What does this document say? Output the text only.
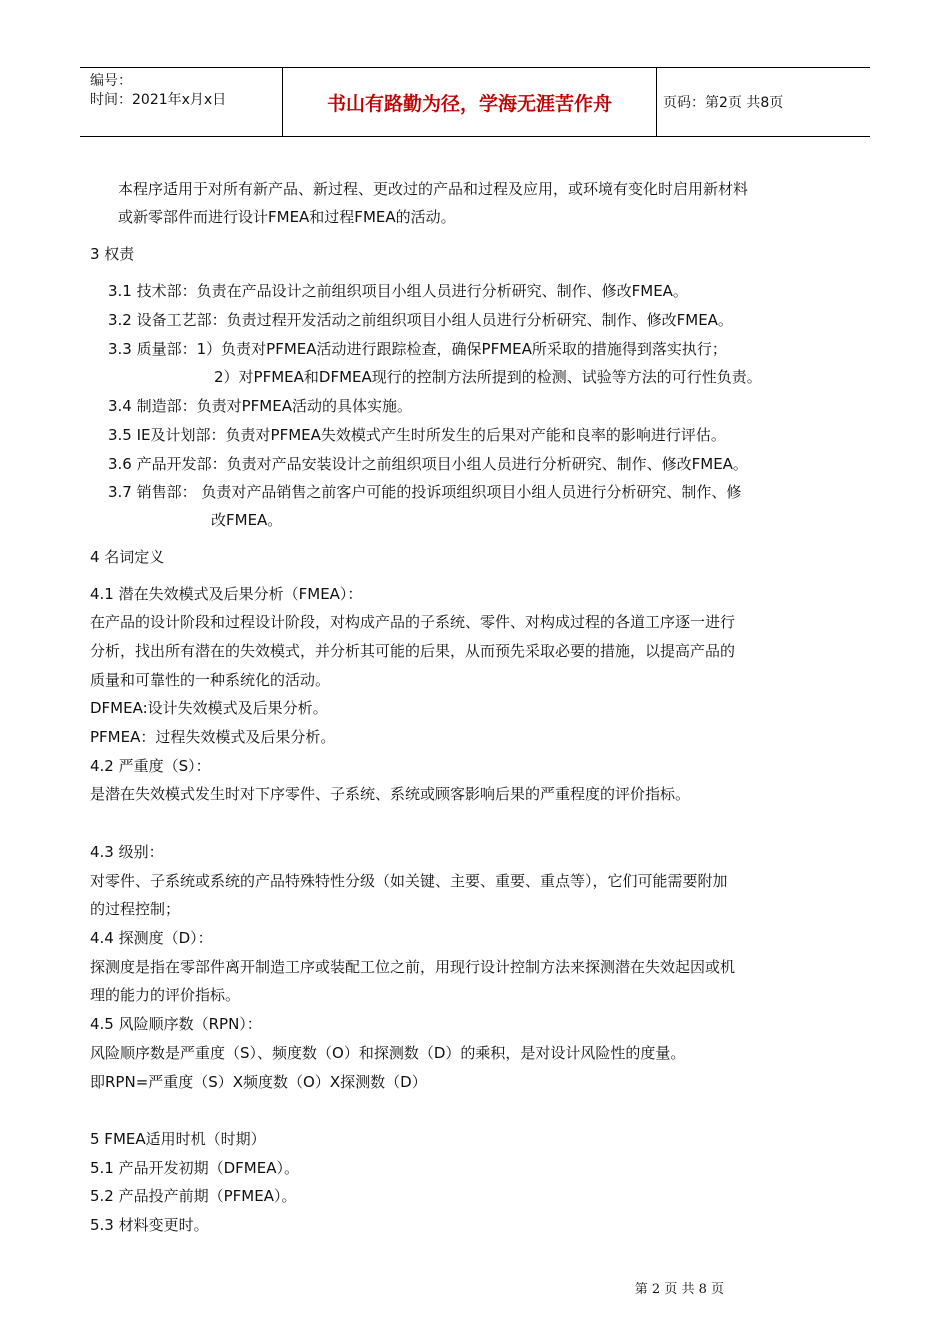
编号：
时间：2021年x月x日	书山有路勤为径，学海无涯苦作舟	页码：第2页 共8页
本程序适用于对所有新产品、新过程、更改过的产品和过程及应用，或环境有变化时启用新材料
或新零部件而进行设计FMEA和过程FMEA的活动。
3 权责
3.1 技术部：负责在产品设计之前组织项目小组人员进行分析研究、制作、修改FMEA。
3.2 设备工艺部：负责过程开发活动之前组织项目小组人员进行分析研究、制作、修改FMEA。
3.3 质量部：1）负责对PFMEA活动进行跟踪检查，确保PFMEA所采取的措施得到落实执行；
2）对PFMEA和DFMEA现行的控制方法所提到的检测、试验等方法的可行性负责。
3.4 制造部：负责对PFMEA活动的具体实施。
3.5 IE及计划部：负责对PFMEA失效模式产生时所发生的后果对产能和良率的影响进行评估。
3.6 产品开发部：负责对产品安装设计之前组织项目小组人员进行分析研究、制作、修改FMEA。
3.7 销售部： 负责对产品销售之前客户可能的投诉项组织项目小组人员进行分析研究、制作、修
改FMEA。
4 名词定义
4.1 潜在失效模式及后果分析（FMEA）：
在产品的设计阶段和过程设计阶段，对构成产品的子系统、零件、对构成过程的各道工序逐一进行
分析，找出所有潜在的失效模式，并分析其可能的后果，从而预先采取必要的措施，以提高产品的
质量和可靠性的一种系统化的活动。
DFMEA:设计失效模式及后果分析。
PFMEA：过程失效模式及后果分析。
4.2 严重度（S）：
是潜在失效模式发生时对下序零件、子系统、系统或顾客影响后果的严重程度的评价指标。
4.3 级别：
对零件、子系统或系统的产品特殊特性分级（如关键、主要、重要、重点等），它们可能需要附加
的过程控制；
4.4 探测度（D）：
探测度是指在零部件离开制造工序或装配工位之前，用现行设计控制方法来探测潜在失效起因或机
理的能力的评价指标。
4.5 风险顺序数（RPN）：
风险顺序数是严重度（S）、频度数（O）和探测数（D）的乘积，是对设计风险性的度量。
即RPN=严重度（S）X频度数（O）X探测数（D）
5 FMEA适用时机（时期）
5.1 产品开发初期（DFMEA）。
5.2 产品投产前期（PFMEA）。
5.3 材料变更时。
第 2 页 共 8 页
